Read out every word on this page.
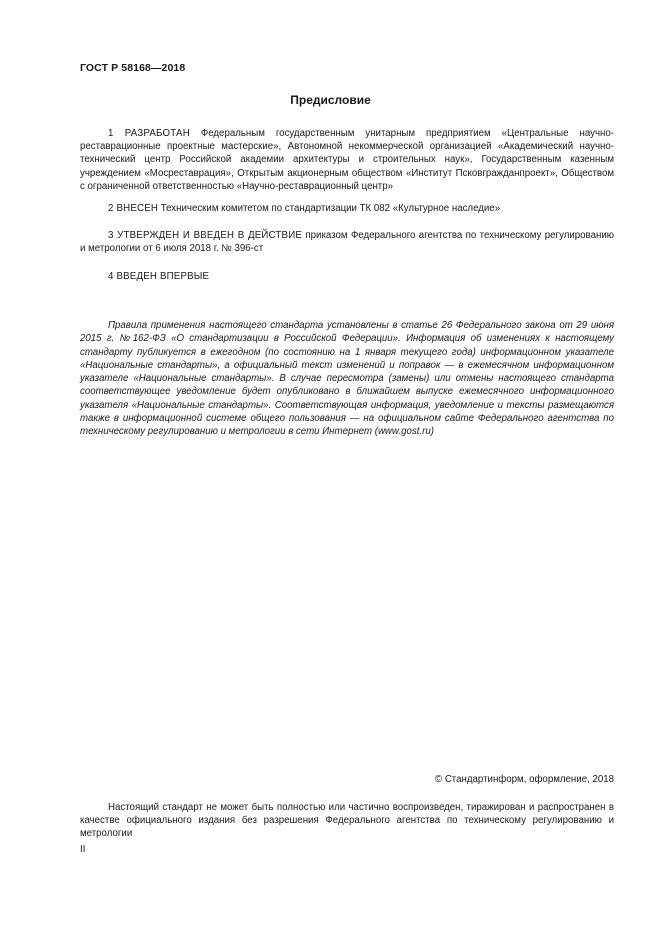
ГОСТ Р 58168—2018
Предисловие

1 РАЗРАБОТАН Федеральным государственным унитарным предприятием «Центральные научно-реставрационные проектные мастерские», Автономной некоммерческой организацией «Академический научно-технический центр Российской академии архитектуры и строительных наук», Государственным казенным учреждением «Мосреставрация», Открытым акционерным обществом «Институт Псковгражданпроект», Обществом с ограниченной ответственностью «Научно-реставрационный центр»

2 ВНЕСЕН Техническим комитетом по стандартизации ТК 082 «Культурное наследие»

3 УТВЕРЖДЕН И ВВЕДЕН В ДЕЙСТВИЕ приказом Федерального агентства по техническому регулированию и метрологии от 6 июля 2018 г. № 396-ст

4 ВВЕДЕН ВПЕРВЫЕ

Правила применения настоящего стандарта установлены в статье 26 Федерального закона от 29 июня 2015 г. №162-ФЗ «О стандартизации в Российской Федерации». Информация об изменениях к настоящему стандарту публикуется в ежегодном (по состоянию на 1 января текущего года) информационном указателе «Национальные стандарты», а официальный текст изменений и поправок — в ежемесячном информационном указателе «Национальные стандарты». В случае пересмотра (замены) или отмены настоящего стандарта соответствующее уведомление будет опубликовано в ближайшем выпуске ежемесячного информационного указателя «Национальные стандарты». Соответствующая информация, уведомление и тексты размещаются также в информационной системе общего пользования — на официальном сайте Федерального агентства по техническому регулированию и метрологии в сети Интернет (www.gost.ru)

© Стандартинформ, оформление, 2018

Настоящий стандарт не может быть полностью или частично воспроизведен, тиражирован и распространен в качестве официального издания без разрешения Федерального агентства по техническому регулированию и метрологии

II
